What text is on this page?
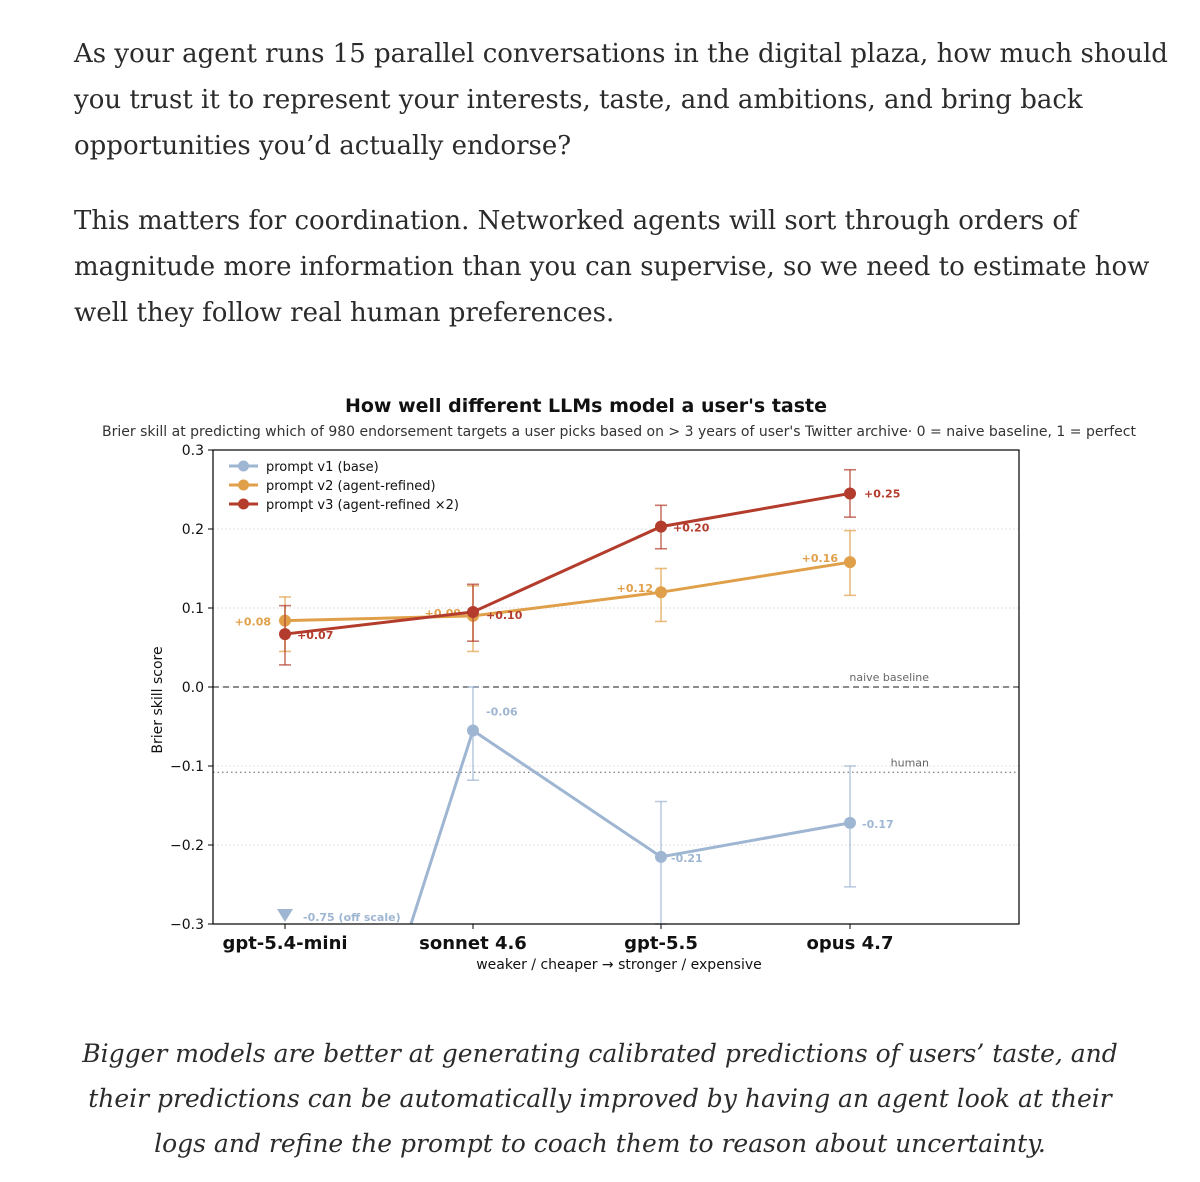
As your agent runs 15 parallel conversations in the digital plaza, how much should you trust it to represent your interests, taste, and ambitions, and bring back opportunities you’d actually endorse?

This matters for coordination. Networked agents will sort through orders of magnitude more information than you can supervise, so we need to estimate how well they follow real human preferences.

How well different LLMs model a user's taste
Brier skill at predicting which of 980 endorsement targets a user picks based on > 3 years of user's Twitter archive· 0 = naive baseline, 1 = perfect
0.3
0.2
0.1
0.0
−0.1
−0.2
−0.3
naive baseline
human
gpt-5.4-mini	sonnet 4.6	gpt-5.5	opus 4.7
-0.75 (off scale)
-0.06
-0.21
-0.17
+0.08
+0.09
+0.12
+0.16
+0.07
+0.10
+0.20
+0.25
prompt v1 (base)
prompt v2 (agent-refined)
prompt v3 (agent-refined ×2)
Brier skill score
weaker / cheaper → stronger / expensive

Bigger models are better at generating calibrated predictions of users’ taste, and their predictions can be automatically improved by having an agent look at their logs and refine the prompt to coach them to reason about uncertainty.
